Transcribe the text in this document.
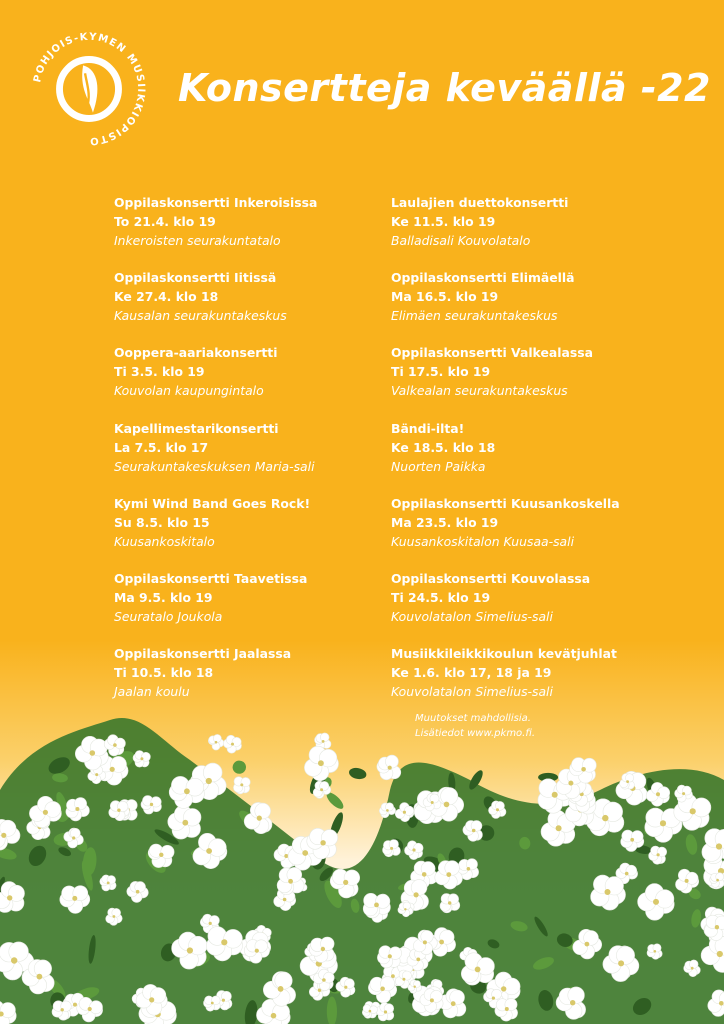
POHJOIS-KYMEN MUSIIKKIOPISTO
Konsertteja keväällä -22
Oppilaskonsertti Inkeroisissa
To 21.4. klo 19
Inkeroisten seurakuntatalo
Oppilaskonsertti Iitissä
Ke 27.4. klo 18
Kausalan seurakuntakeskus
Ooppera-aariakonsertti
Ti 3.5. klo 19
Kouvolan kaupungintalo
Kapellimestarikonsertti
La 7.5. klo 17
Seurakuntakeskuksen Maria-sali
Kymi Wind Band Goes Rock!
Su 8.5. klo 15
Kuusankoskitalo
Oppilaskonsertti Taavetissa
Ma 9.5. klo 19
Seuratalo Joukola
Oppilaskonsertti Jaalassa
Ti 10.5. klo 18
Jaalan koulu
Laulajien duettokonsertti
Ke 11.5. klo 19
Balladisali Kouvolatalo
Oppilaskonsertti Elimäellä
Ma 16.5. klo 19
Elimäen seurakuntakeskus
Oppilaskonsertti Valkealassa
Ti 17.5. klo 19
Valkealan seurakuntakeskus
Bändi-ilta!
Ke 18.5. klo 18
Nuorten Paikka
Oppilaskonsertti Kuusankoskella
Ma 23.5. klo 19
Kuusankoskitalon Kuusaa-sali
Oppilaskonsertti Kouvolassa
Ti 24.5. klo 19
Kouvolatalon Simelius-sali
Musiikkileikkikoulun kevätjuhlat
Ke 1.6. klo 17, 18 ja 19
Kouvolatalon Simelius-sali
Muutokset mahdollisia.
Lisätiedot www.pkmo.fi.
